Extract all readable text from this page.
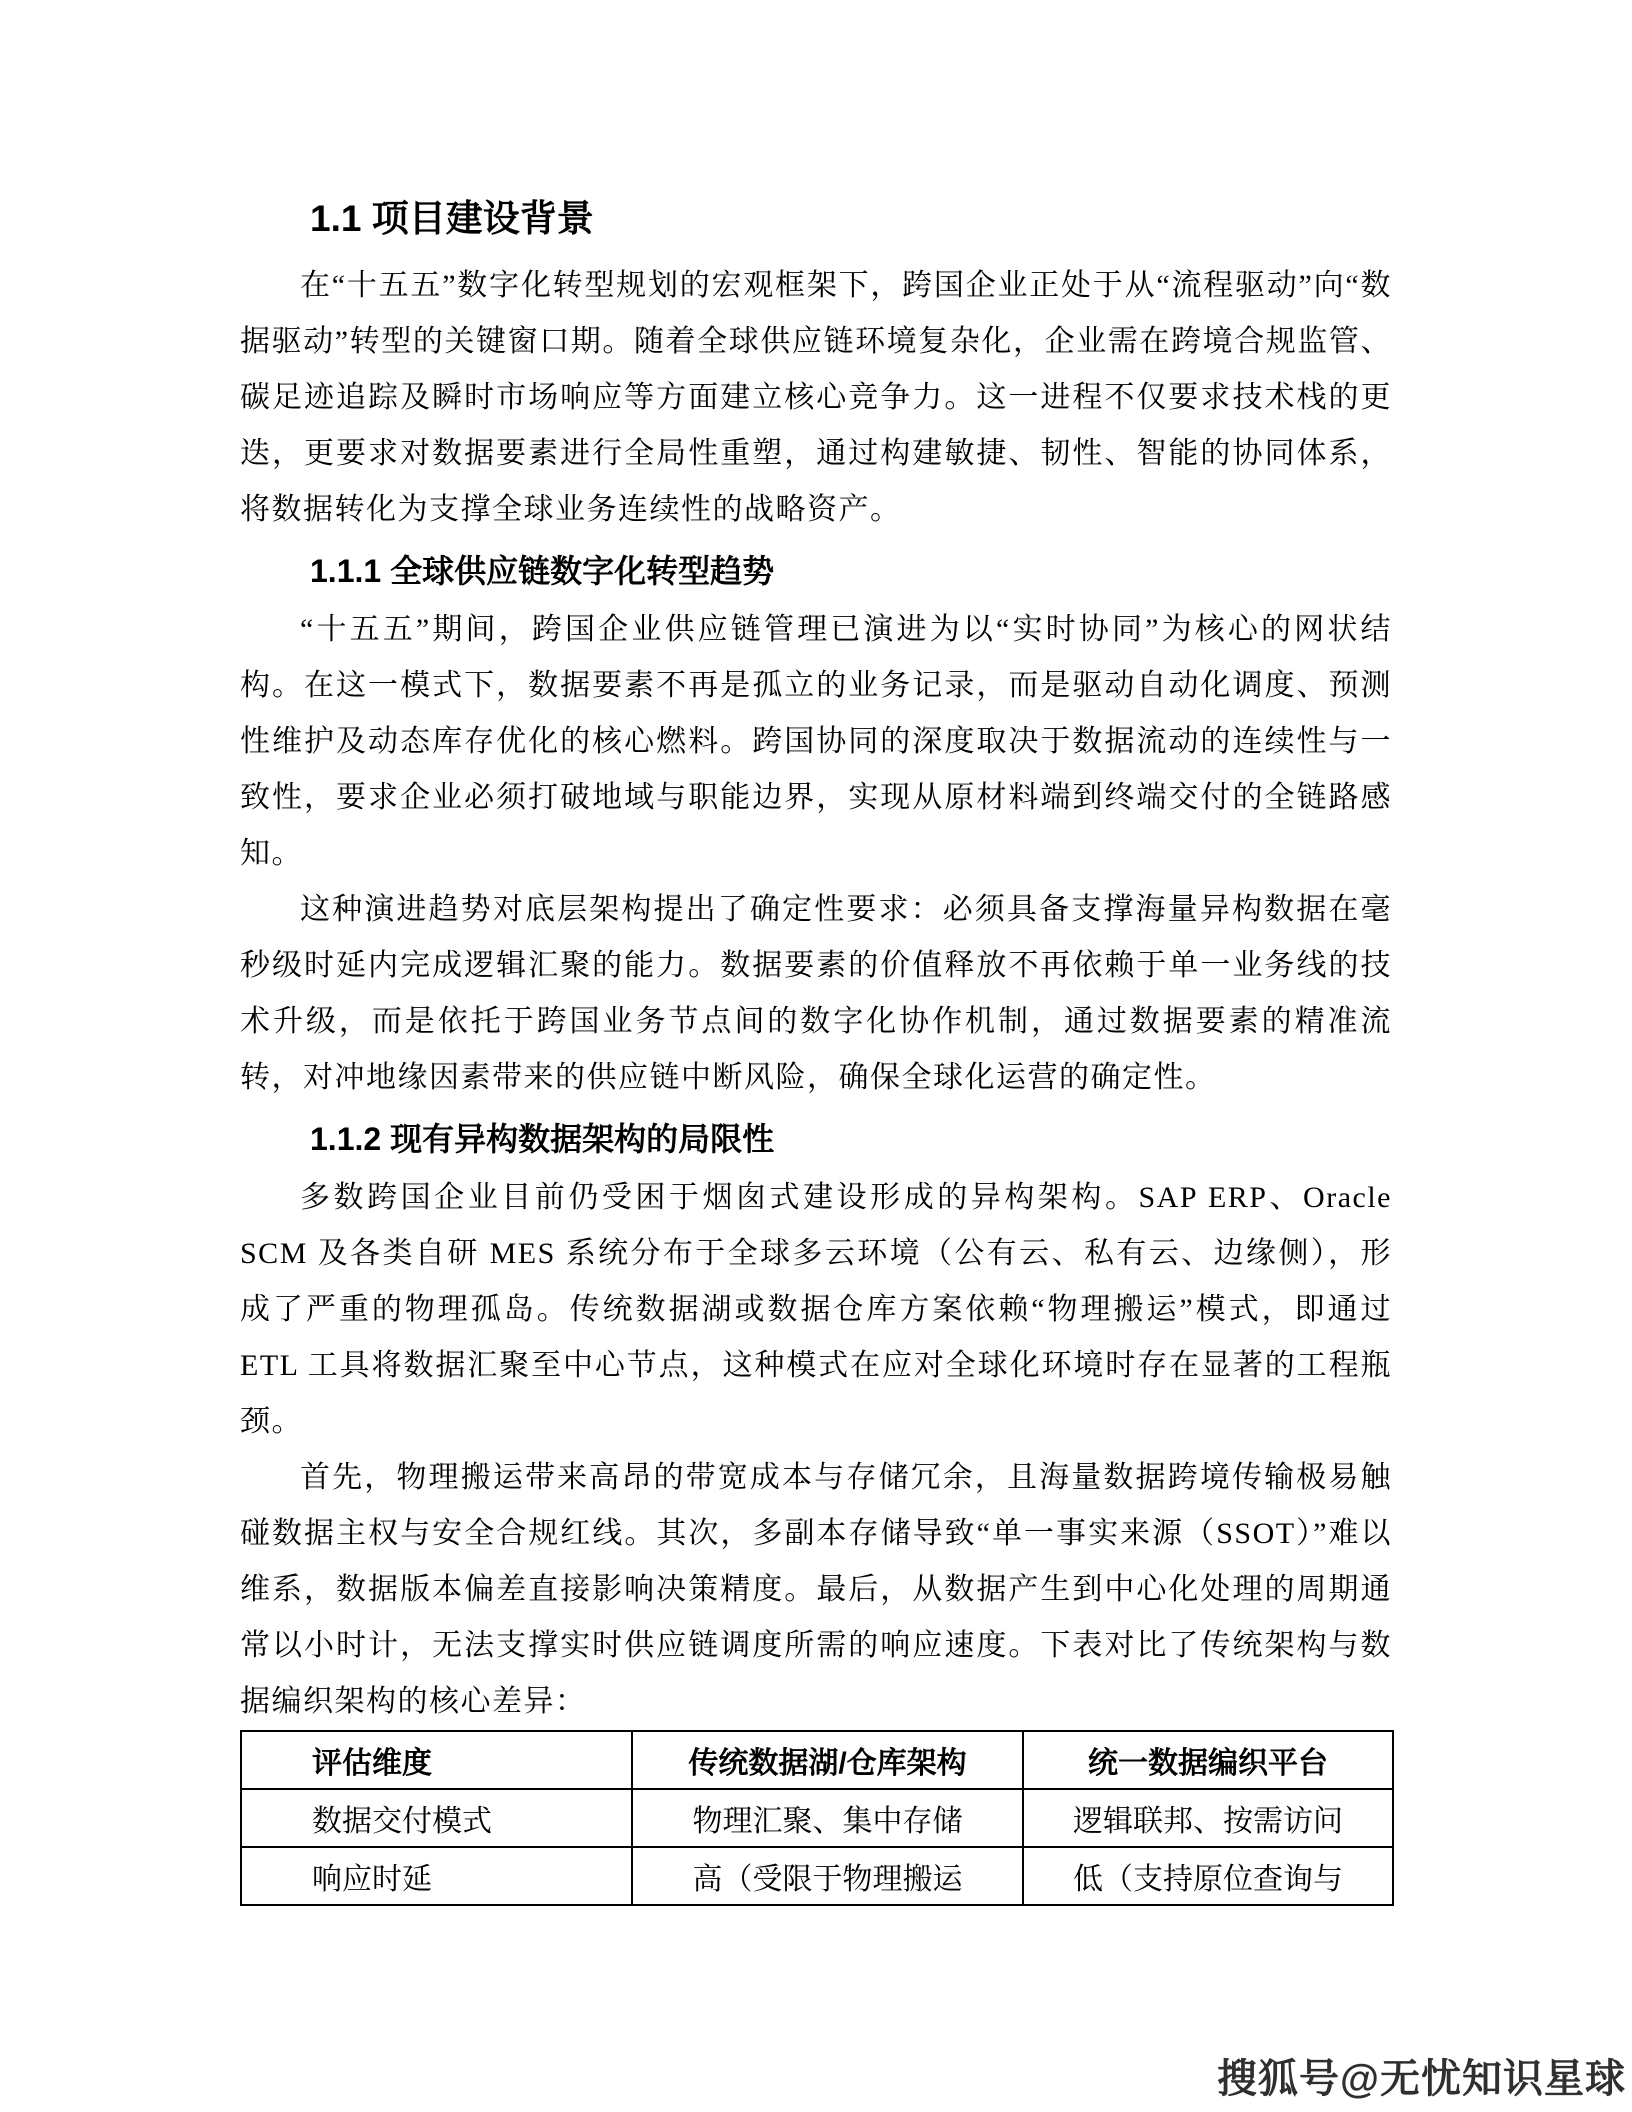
1.1 项目建设背景

在“十五五”数字化转型规划的宏观框架下，跨国企业正处于从“流程驱动”向“数据驱动”转型的关键窗口期。随着全球供应链环境复杂化，企业需在跨境合规监管、碳足迹追踪及瞬时市场响应等方面建立核心竞争力。这一进程不仅要求技术栈的更迭，更要求对数据要素进行全局性重塑，通过构建敏捷、韧性、智能的协同体系，将数据转化为支撑全球业务连续性的战略资产。

1.1.1 全球供应链数字化转型趋势

“十五五”期间，跨国企业供应链管理已演进为以“实时协同”为核心的网状结构。在这一模式下，数据要素不再是孤立的业务记录，而是驱动自动化调度、预测性维护及动态库存优化的核心燃料。跨国协同的深度取决于数据流动的连续性与一致性，要求企业必须打破地域与职能边界，实现从原材料端到终端交付的全链路感知。

这种演进趋势对底层架构提出了确定性要求：必须具备支撑海量异构数据在毫秒级时延内完成逻辑汇聚的能力。数据要素的价值释放不再依赖于单一业务线的技术升级，而是依托于跨国业务节点间的数字化协作机制，通过数据要素的精准流转，对冲地缘因素带来的供应链中断风险，确保全球化运营的确定性。

1.1.2 现有异构数据架构的局限性

多数跨国企业目前仍受困于烟囱式建设形成的异构架构。SAP ERP、Oracle SCM 及各类自研 MES 系统分布于全球多云环境（公有云、私有云、边缘侧），形成了严重的物理孤岛。传统数据湖或数据仓库方案依赖“物理搬运”模式，即通过 ETL 工具将数据汇聚至中心节点，这种模式在应对全球化环境时存在显著的工程瓶颈。

首先，物理搬运带来高昂的带宽成本与存储冗余，且海量数据跨境传输极易触碰数据主权与安全合规红线。其次，多副本存储导致“单一事实来源（SSOT）”难以维系，数据版本偏差直接影响决策精度。最后，从数据产生到中心化处理的周期通常以小时计，无法支撑实时供应链调度所需的响应速度。下表对比了传统架构与数据编织架构的核心差异：

评估维度	传统数据湖/仓库架构	统一数据编织平台
数据交付模式	物理汇聚、集中存储	逻辑联邦、按需访问
响应时延	高（受限于物理搬运	低（支持原位查询与
搜狐号@无忧知识星球
